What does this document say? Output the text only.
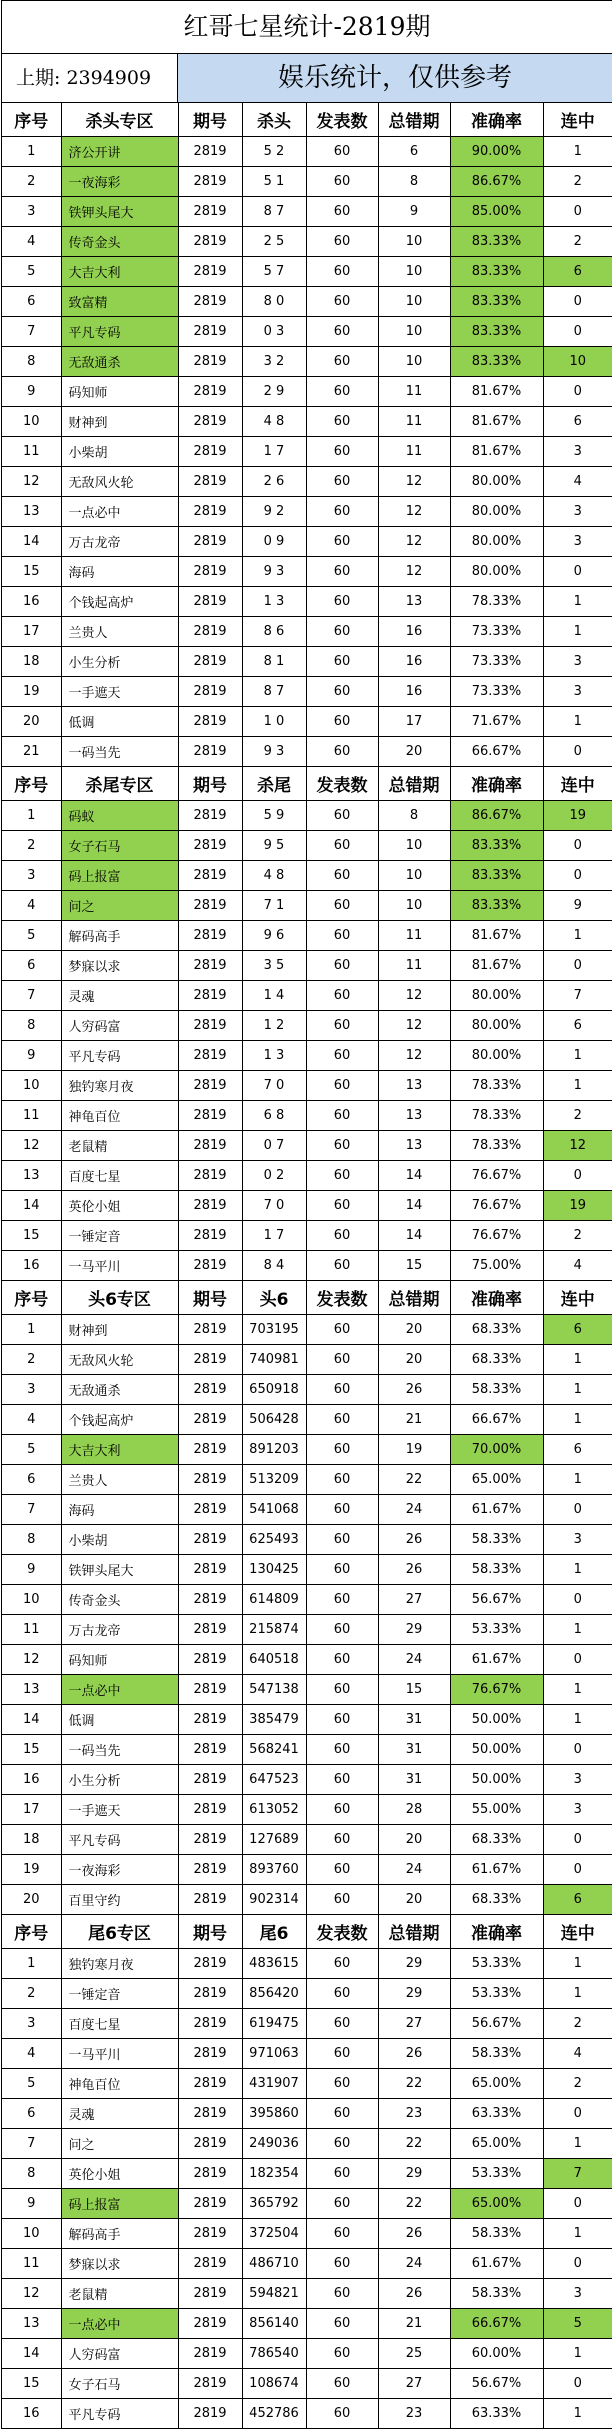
红哥七星统计-2819期
上期: 2394909	娱乐统计，仅供参考
序号	杀头专区	期号	杀头	发表数	总错期	准确率	连中
1	济公开讲	2819	5 2	60	6	90.00%	1
2	一夜海彩	2819	5 1	60	8	86.67%	2
3	铁钾头尾大	2819	8 7	60	9	85.00%	0
4	传奇金头	2819	2 5	60	10	83.33%	2
5	大吉大利	2819	5 7	60	10	83.33%	6
6	致富精	2819	8 0	60	10	83.33%	0
7	平凡专码	2819	0 3	60	10	83.33%	0
8	无敌通杀	2819	3 2	60	10	83.33%	10
9	码知师	2819	2 9	60	11	81.67%	0
10	财神到	2819	4 8	60	11	81.67%	6
11	小柴胡	2819	1 7	60	11	81.67%	3
12	无敌风火轮	2819	2 6	60	12	80.00%	4
13	一点必中	2819	9 2	60	12	80.00%	3
14	万古龙帝	2819	0 9	60	12	80.00%	3
15	海码	2819	9 3	60	12	80.00%	0
16	个钱起高炉	2819	1 3	60	13	78.33%	1
17	兰贵人	2819	8 6	60	16	73.33%	1
18	小生分析	2819	8 1	60	16	73.33%	3
19	一手遮天	2819	8 7	60	16	73.33%	3
20	低调	2819	1 0	60	17	71.67%	1
21	一码当先	2819	9 3	60	20	66.67%	0
序号	杀尾专区	期号	杀尾	发表数	总错期	准确率	连中
1	码蚁	2819	5 9	60	8	86.67%	19
2	女子石马	2819	9 5	60	10	83.33%	0
3	码上报富	2819	4 8	60	10	83.33%	0
4	问之	2819	7 1	60	10	83.33%	9
5	解码高手	2819	9 6	60	11	81.67%	1
6	梦寐以求	2819	3 5	60	11	81.67%	0
7	灵魂	2819	1 4	60	12	80.00%	7
8	人穷码富	2819	1 2	60	12	80.00%	6
9	平凡专码	2819	1 3	60	12	80.00%	1
10	独钓寒月夜	2819	7 0	60	13	78.33%	1
11	神龟百位	2819	6 8	60	13	78.33%	2
12	老鼠精	2819	0 7	60	13	78.33%	12
13	百度七星	2819	0 2	60	14	76.67%	0
14	英伦小姐	2819	7 0	60	14	76.67%	19
15	一锤定音	2819	1 7	60	14	76.67%	2
16	一马平川	2819	8 4	60	15	75.00%	4
序号	头6专区	期号	头6	发表数	总错期	准确率	连中
1	财神到	2819	703195	60	20	68.33%	6
2	无敌风火轮	2819	740981	60	20	68.33%	1
3	无敌通杀	2819	650918	60	26	58.33%	1
4	个钱起高炉	2819	506428	60	21	66.67%	1
5	大吉大利	2819	891203	60	19	70.00%	6
6	兰贵人	2819	513209	60	22	65.00%	1
7	海码	2819	541068	60	24	61.67%	0
8	小柴胡	2819	625493	60	26	58.33%	3
9	铁钾头尾大	2819	130425	60	26	58.33%	1
10	传奇金头	2819	614809	60	27	56.67%	0
11	万古龙帝	2819	215874	60	29	53.33%	1
12	码知师	2819	640518	60	24	61.67%	0
13	一点必中	2819	547138	60	15	76.67%	1
14	低调	2819	385479	60	31	50.00%	1
15	一码当先	2819	568241	60	31	50.00%	0
16	小生分析	2819	647523	60	31	50.00%	3
17	一手遮天	2819	613052	60	28	55.00%	3
18	平凡专码	2819	127689	60	20	68.33%	0
19	一夜海彩	2819	893760	60	24	61.67%	0
20	百里守约	2819	902314	60	20	68.33%	6
序号	尾6专区	期号	尾6	发表数	总错期	准确率	连中
1	独钓寒月夜	2819	483615	60	29	53.33%	1
2	一锤定音	2819	856420	60	29	53.33%	1
3	百度七星	2819	619475	60	27	56.67%	2
4	一马平川	2819	971063	60	26	58.33%	4
5	神龟百位	2819	431907	60	22	65.00%	2
6	灵魂	2819	395860	60	23	63.33%	0
7	问之	2819	249036	60	22	65.00%	1
8	英伦小姐	2819	182354	60	29	53.33%	7
9	码上报富	2819	365792	60	22	65.00%	0
10	解码高手	2819	372504	60	26	58.33%	1
11	梦寐以求	2819	486710	60	24	61.67%	0
12	老鼠精	2819	594821	60	26	58.33%	3
13	一点必中	2819	856140	60	21	66.67%	5
14	人穷码富	2819	786540	60	25	60.00%	1
15	女子石马	2819	108674	60	27	56.67%	0
16	平凡专码	2819	452786	60	23	63.33%	1
